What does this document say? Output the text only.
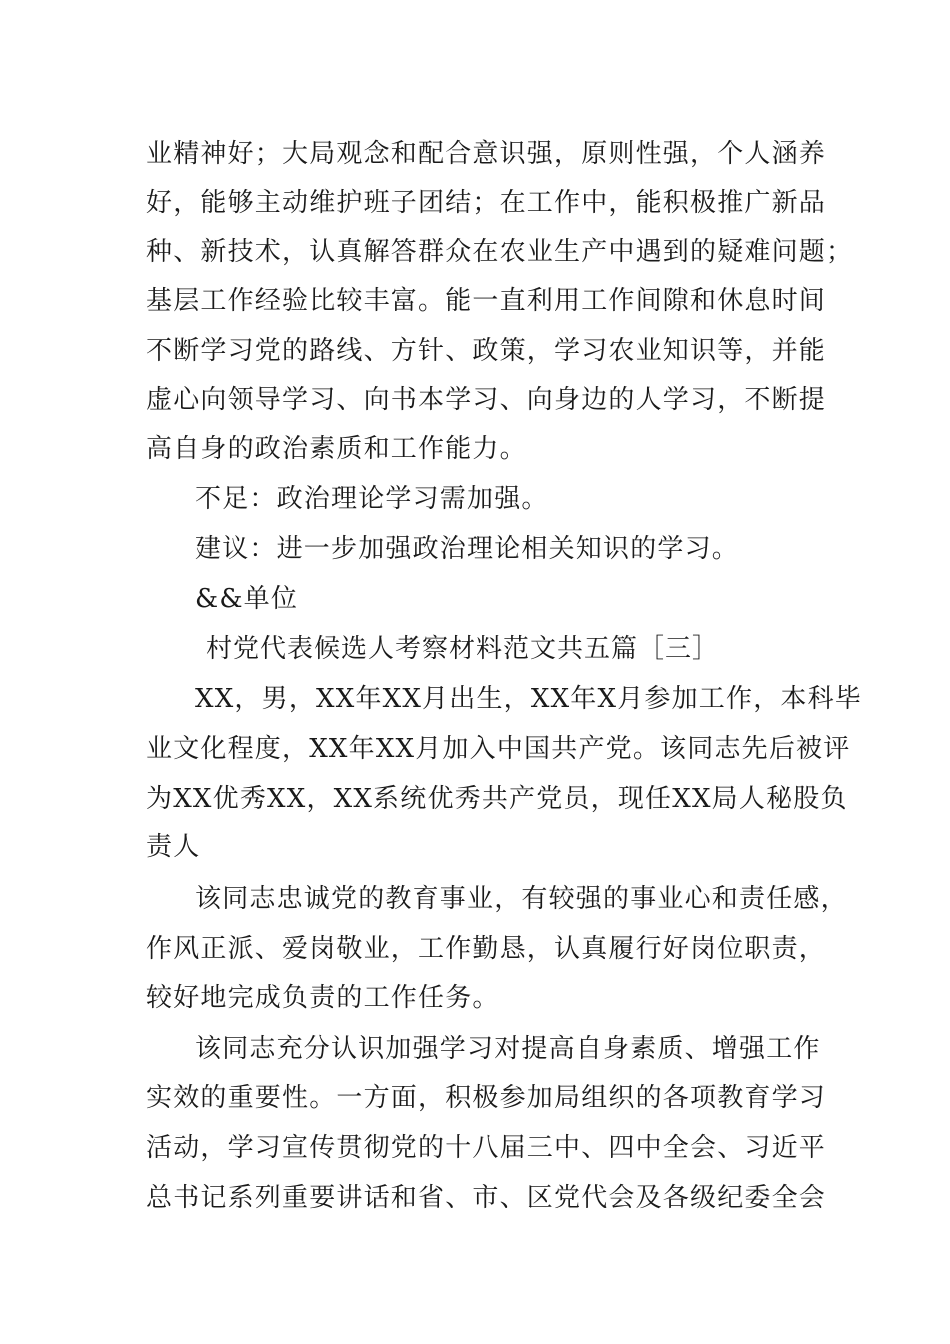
业精神好；大局观念和配合意识强，原则性强，个人涵养
好，能够主动维护班子团结；在工作中，能积极推广新品
种、新技术，认真解答群众在农业生产中遇到的疑难问题；
基层工作经验比较丰富。能一直利用工作间隙和休息时间
不断学习党的路线、方针、政策，学习农业知识等，并能
虚心向领导学习、向书本学习、向身边的人学习，不断提
高自身的政治素质和工作能力。
不足：政治理论学习需加强。
建议：进一步加强政治理论相关知识的学习。
&&单位
村党代表候选人考察材料范文共五篇［三］
XX，男，XX年XX月出生，XX年X月参加工作，本科毕
业文化程度，XX年XX月加入中国共产党。该同志先后被评
为XX优秀XX，XX系统优秀共产党员，现任XX局人秘股负
责人
该同志忠诚党的教育事业，有较强的事业心和责任感，
作风正派、爱岗敬业，工作勤恳，认真履行好岗位职责，
较好地完成负责的工作任务。
该同志充分认识加强学习对提高自身素质、增强工作
实效的重要性。一方面，积极参加局组织的各项教育学习
活动，学习宣传贯彻党的十八届三中、四中全会、习近平
总书记系列重要讲话和省、市、区党代会及各级纪委全会
